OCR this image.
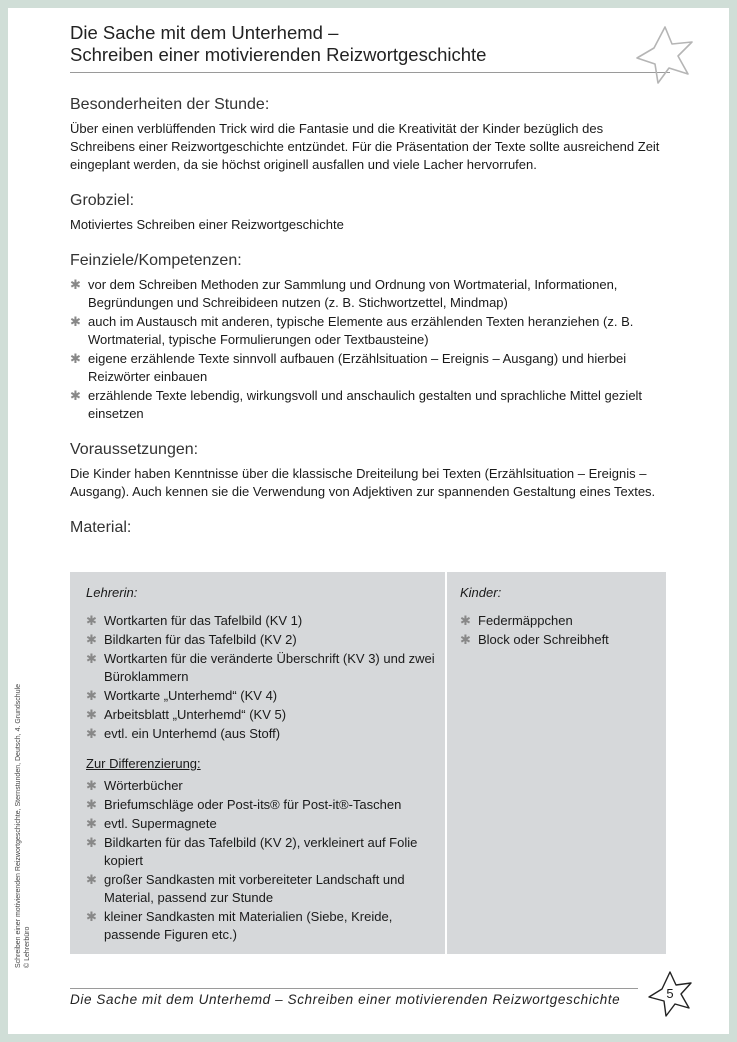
Die Sache mit dem Unterhemd –
Schreiben einer motivierenden Reizwortgeschichte
Besonderheiten der Stunde:

Über einen verblüffenden Trick wird die Fantasie und die Kreativität der Kinder bezüglich des Schreibens einer Reizwortgeschichte entzündet. Für die Präsentation der Texte sollte ausreichend Zeit eingeplant werden, da sie höchst originell ausfallen und viele Lacher hervorrufen.

Grobziel:

Motiviertes Schreiben einer Reizwortgeschichte

Feinziele/Kompetenzen:
✱ vor dem Schreiben Methoden zur Sammlung und Ordnung von Wortmaterial, Informationen, Begründungen und Schreibideen nutzen (z. B. Stichwortzettel, Mindmap)
✱ auch im Austausch mit anderen, typische Elemente aus erzählenden Texten heranziehen (z. B. Wortmaterial, typische Formulierungen oder Textbausteine)
✱ eigene erzählende Texte sinnvoll aufbauen (Erzählsituation – Ereignis – Ausgang) und hierbei Reizwörter einbauen
✱ erzählende Texte lebendig, wirkungsvoll und anschaulich gestalten und sprachliche Mittel gezielt einsetzen
Voraussetzungen:

Die Kinder haben Kenntnisse über die klassische Dreiteilung bei Texten (Erzählsituation – Ereignis – Ausgang). Auch kennen sie die Verwendung von Adjektiven zur spannenden Gestaltung eines Textes.

Material:
Lehrerin:
✱ Wortkarten für das Tafelbild (KV 1)
✱ Bildkarten für das Tafelbild (KV 2)
✱ Wortkarten für die veränderte Überschrift (KV 3) und zwei Büroklammern
✱ Wortkarte „Unterhemd“ (KV 4)
✱ Arbeitsblatt „Unterhemd“ (KV 5)
✱ evtl. ein Unterhemd (aus Stoff)
Zur Differenzierung:
✱ Wörterbücher
✱ Briefumschläge oder Post-its® für Post-it®-Taschen
✱ evtl. Supermagnete
✱ Bildkarten für das Tafelbild (KV 2), verkleinert auf Folie kopiert
✱ großer Sandkasten mit vorbereiteter Landschaft und Material, passend zur Stunde
✱ kleiner Sandkasten mit Materialien (Siebe, Kreide, passende Figuren etc.)
Kinder:
✱ Federmäppchen
✱ Block oder Schreibheft
Schreiben einer motivierenden Reizwortgeschichte, Sternstunden, Deutsch, 4. Grundschule © Lehrerbüro
Die Sache mit dem Unterhemd – Schreiben einer motivierenden Reizwortgeschichte	5
